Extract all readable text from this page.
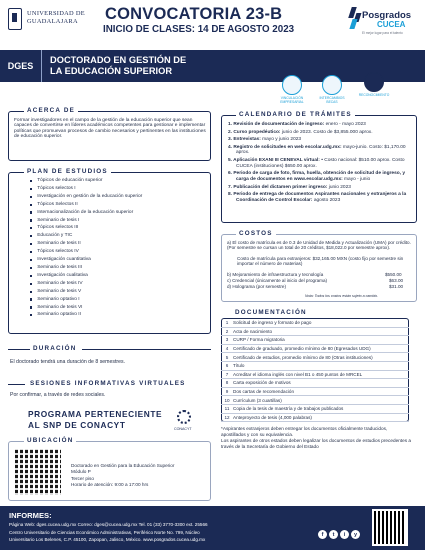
UNIVERSIDAD DE
GUADALAJARA CONVOCATORIA 23-B
INICIO DE CLASES: 14 DE AGOSTO 2023
Posgrados
CUCEA
El mejor lugar para el talento
DGES
DOCTORADO EN GESTIÓN DE
LA EDUCACIÓN SUPERIOR
VINCULACIÓN
EMPRESARIAL
INTERCAMBIOS
BECAS
RECONOCIMIENTO
ACERCA DE
Formar investigadores en el campo de la gestión de la educación superior que sean capaces de convertirse en líderes académicos competentes para gestionar e implementar políticas que promuevan procesos de cambio necesarios y pertinentes en las instituciones de educación superior.
PLAN DE ESTUDIOS
Tópicos de educación superior
Tópicos selectos I
Investigación en gestión de la educación superior
Tópicos Selectos II
Internacionalización de la educación superior
Seminario de tesis I
Tópicos selectos III
Educación y TIC
Seminario de tesis II
Tópicos selectos IV
Investigación cuantitativa
Seminario de tesis III
Investigación cualitativa
Seminario de tesis IV
Seminario de tesis V
Seminario optativo I
Seminario de tesis VI
Seminario optativo II
CALENDARIO DE TRÁMITES
1. Revisión de documentación de ingreso: enero - mayo 2023
2. Curso propedéutico: junio de 2023. Costo de $3,855.000 aprox.
3. Entrevistas: mayo y junio 2023
4. Registro de solicitudes en web escolar.udg.mx: mayo-junio. Costo: $1,170.00 aprox.
5. Aplicación EXANI III CENEVAL virtual: • Costo nacional: $510.00 aprox. Costo CUCEA (instituciones) $650.00 aprox.
6. Periodo de carga de foto, firma, huella, obtención de solicitud de ingreso, y carga de documentos en www.escolar.udg.mx: mayo - junio
7. Publicación del dictamen primer ingreso: junio 2023
8. Periodo de entrega de documentos Aspirantes nacionales y extranjeros a la Coordinación de Control Escolar: agosto 2023
COSTOS
a) El costo de matrícula es de 0.3 de Unidad de Medida y Actualización (UMA) por crédito. (Por semestre se cursan un total de 20 créditos, $18,022.0 por semestre aprox).
Costo de matrícula para extranjeros: $32,165.00 MXN (costo fijo por semestre sin importar el número de materias)
b) Mejoramiento de infraestructura y tecnología	$550.00
c) Credencial (únicamente al inicio del programa)	$63.00
d) Holograma (por semestre)	$31.00
Nota: Todos los costos están sujeto a cambio.
DOCUMENTACIÓN
1	Solicitud de ingreso y formato de pago
2	Acta de nacimiento
3	CURP / Forma migratoria
4	Certificado de graduado, promedio mínimo de 80 (Egresados UDG)
5	Certificado de estudios, promedio mínimo de 80 (Otras instituciones)
6	Título
7	Acreditar el idioma inglés con nivel B1 o 450 puntos de MRCEL
8	Carta exposición de motivos
9	Dos cartas de recomendación
10 Currículum (3 cuartillas)
11 Copia de la tesis de maestría y de trabajos publicados
12 Anteproyecto de tesis (4,000 palabras)
*Aspirantes extranjeros deben entregar los documentos oficialmente traducidos, apostillados y con su equivalencia.
Los aspirantes de otros estados deben legalizar los documentos de estudios precedentes a través de la Secretaría de Gobierno del Estado
DURACIÓN
El doctorado tendrá una duración de 8 semestres.
SESIONES INFORMATIVAS VIRTUALES
Por confirmar, a través de redes sociales.
PROGRAMA PERTENECIENTE
AL SNP DE CONACYT	CONACYT
UBICACIÓN
Doctorado en Gestión para la Educación Superior
Módulo P
Tercer piso
Horario de atención: 9:00 a 17:00 hrs
INFORMES:
Página Web: dges.cucea.udg.mx Correo: dges@cucea.udg.mx Tel. 01 (33) 3770-3300 ext. 25566
Centro Universitario de Ciencias Económico Administrativas, Periférico Norte No. 799, Núcleo
Universitario Los Belenes, C.P. 45100, Zapopan, Jalisco, México. www.posgrados.cucea.udg.mx
f	t	i	y
